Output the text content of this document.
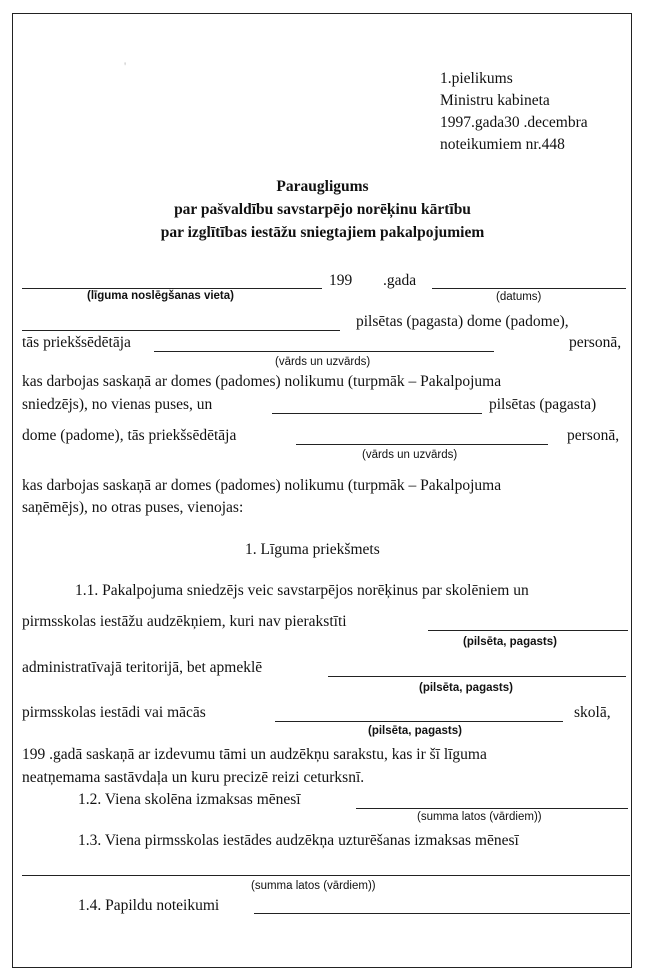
'
1.pielikums
Ministru kabineta
1997.gada30 .decembra
noteikumiem nr.448
Paraugligums
par pašvaldību savstarpējo norēķinu kārtību
par izglītības iestāžu sniegtajiem pakalpojumiem
199 .gada
(līguma noslēgšanas vieta)	(datums)
pilsētas (pagasta) dome (padome),
tās priekšsēdētāja	personā,
(vārds un uzvārds)
kas darbojas saskaņā ar domes (padomes) nolikumu (turpmāk – Pakalpojuma
sniedzējs), no vienas puses, un	pilsētas (pagasta)
dome (padome), tās priekšsēdētāja	personā,
(vārds un uzvārds)
kas darbojas saskaņā ar domes (padomes) nolikumu (turpmāk – Pakalpojuma
saņēmējs), no otras puses, vienojas:
1. Līguma priekšmets
1.1. Pakalpojuma sniedzējs veic savstarpējos norēķinus par skolēniem un
pirmsskolas iestāžu audzēkņiem, kuri nav pierakstīti
(pilsēta, pagasts)
administratīvajā teritorijā, bet apmeklē
(pilsēta, pagasts)
pirmsskolas iestādi vai mācās	skolā,
(pilsēta, pagasts)
199 .gadā saskaņā ar izdevumu tāmi un audzēkņu sarakstu, kas ir šī līguma
neatņemama sastāvdaļa un kuru precizē reizi ceturksnī.
1.2. Viena skolēna izmaksas mēnesī
(summa latos (vārdiem))
1.3. Viena pirmsskolas iestādes audzēkņa uzturēšanas izmaksas mēnesī
(summa latos (vārdiem))
1.4. Papildu noteikumi
